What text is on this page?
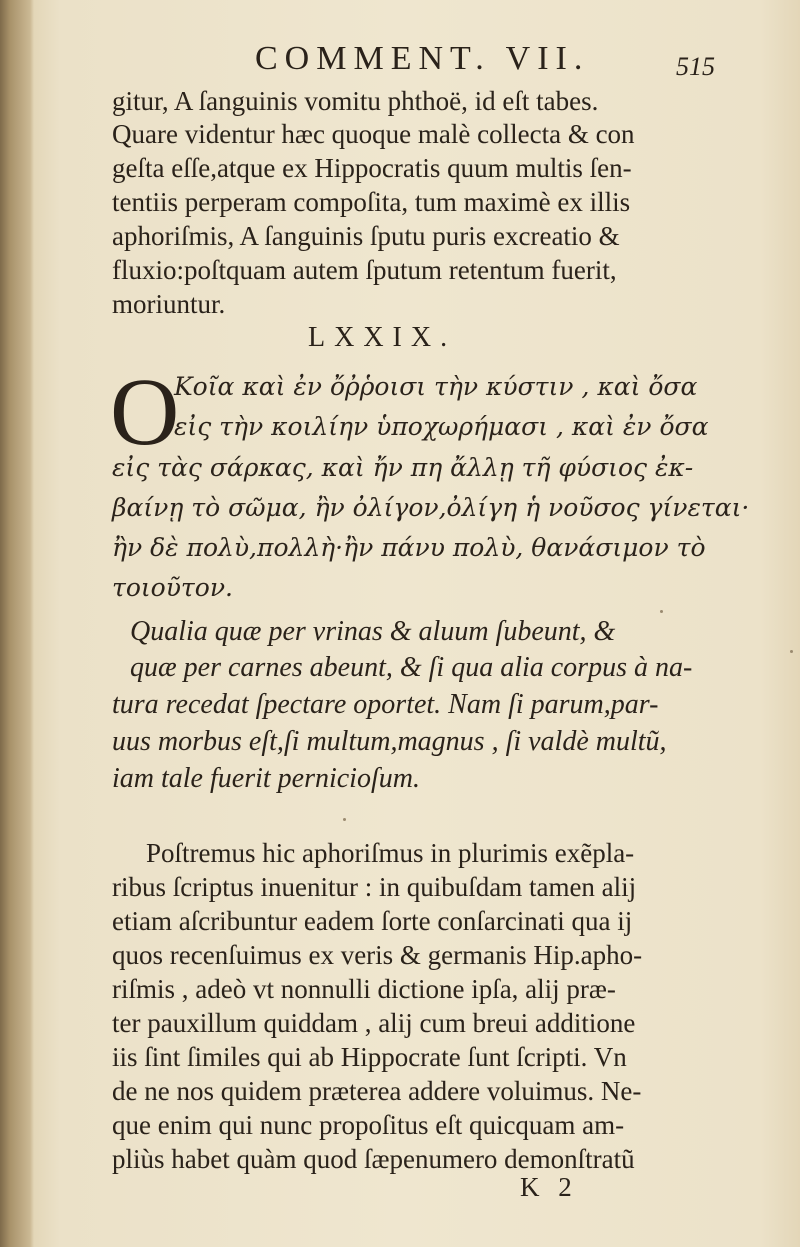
COMMENT. VII.	515
gitur, A ſanguinis vomitu phthoë, id eſt tabes.
Quare videntur hæc quoque malè collecta & con
geſta eſſe,atque ex Hippocratis quum multis ſen-
tentiis perperam compoſita, tum maximè ex illis
aphoriſmis, A ſanguinis ſputu puris excreatio &
fluxio:poſtquam autem ſputum retentum fuerit,
moriuntur.
LXXIX.
O
Κοῖα καὶ ἐν ὄῤῥοισι τὴν κύστιν , καὶ ὄσα
εἰς τὴν κοιλίην ὑποχωρήμασι , καὶ ἐν ὄσα
εἰς τὰς σάρκας, καὶ ἤν πη ἄλλῃ τῆ φύσιος ἐκ-
βαίνῃ τὸ σῶμα, ἢν ὀλίγον,ὀλίγη ἡ νοῦσος γίνεται·
ἢν δὲ πολὺ,πολλὴ·ἢν πάνυ πολὺ, θανάσιμον τὸ
τοιοῦτον.
Qualia quæ per vrinas & aluum ſubeunt, &
quæ per carnes abeunt, & ſi qua alia corpus à na-
tura recedat ſpectare oportet. Nam ſi parum,par-
uus morbus eſt,ſi multum,magnus , ſi valdè multũ,
iam tale fuerit pernicioſum.
Poſtremus hic aphoriſmus in plurimis exẽpla-
ribus ſcriptus inuenitur : in quibuſdam tamen alij
etiam aſcribuntur eadem ſorte conſarcinati qua ij
quos recenſuimus ex veris & germanis Hip.apho-
riſmis , adeò vt nonnulli dictione ipſa, alij præ-
ter pauxillum quiddam , alij cum breui additione
iis ſint ſimiles qui ab Hippocrate ſunt ſcripti. Vn
de ne nos quidem præterea addere voluimus. Ne-
que enim qui nunc propoſitus eſt quicquam am-
pliùs habet quàm quod ſæpenumero demonſtratũ
K 2
